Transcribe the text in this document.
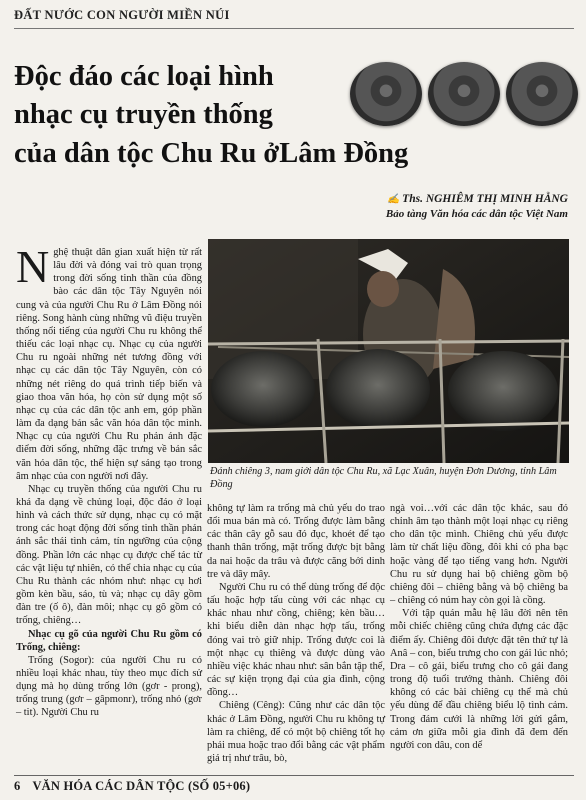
ĐẤT NƯỚC CON NGƯỜI MIỀN NÚI
Độc đáo các loại hình
nhạc cụ truyền thống
của dân tộc Chu Ru ởLâm Đồng
✍ Ths. NGHIÊM THỊ MINH HẰNG
Bảo tàng Văn hóa các dân tộc Việt Nam

Nghệ thuật dân gian xuất hiện từ rất lâu đời và đóng vai trò quan trọng trong đời sống tinh thần của đồng bào các dân tộc Tây Nguyên nói cung và của người Chu Ru ở Lâm Đồng nói riêng. Song hành cùng những vũ điệu truyền thống nổi tiếng của người Chu ru không thể thiếu các loại nhạc cụ. Nhạc cụ của người Chu ru ngoài những nét tương đồng với nhạc cụ các dân tộc Tây Nguyên, còn có những nét riêng do quá trình tiếp biến và giao thoa văn hóa, họ còn sử dụng một số nhạc cụ của các dân tộc anh em, góp phần làm đa dạng bản sắc văn hóa dân tộc mình. Nhạc cụ của người Chu Ru phản ánh đặc điểm đời sống, những đặc trưng về bản sắc văn hóa dân tộc, thể hiện sự sáng tạo trong âm nhạc của con người nơi đây.

Nhạc cụ truyền thống của người Chu ru khá đa dạng về chủng loại, độc đáo ở loại hình và cách thức sử dụng, nhạc cụ có mặt trong các hoạt động đời sống tinh thần phản ánh sắc thái tình cảm, tín ngưỡng của cộng đồng. Phần lớn các nhạc cụ được chế tác từ các vật liệu tự nhiên, có thể chia nhạc cụ của Chu Ru thành các nhóm như: nhạc cụ hơi gồm kèn bầu, sáo, tù và; nhạc cụ dây gồm đàn tre (ố ô), đàn môi; nhạc cụ gõ gồm có trống, chiêng…

Nhạc cụ gõ của người Chu Ru gồm có Trống, chiêng:

Trống (Sogor): của người Chu ru có nhiều loại khác nhau, tùy theo mục đích sử dụng mà họ dùng trống lớn (gơr - prong), trống trung (gơr – gâpmonr), trống nhỏ (gơr – tit). Người Chu ru

Đánh chiêng 3, nam giới dân tộc Chu Ru, xã Lạc Xuân, huyện Đơn Dương, tỉnh Lâm Đồng

không tự làm ra trống mà chủ yếu do trao đổi mua bán mà có. Trống được làm bằng các thân cây gỗ sau đó đục, khoét để tạo thanh thân trống, mặt trống được bịt bằng da nai hoặc da trâu và được căng bởi dinh tre và dây mây.

Người Chu ru có thể dùng trống để độc tấu hoặc hợp tấu cùng với các nhạc cụ khác nhau như cồng, chiêng; kèn bầu… khi biểu diễn dàn nhạc hợp tấu, trống đóng vai trò giữ nhịp. Trống được coi là một nhạc cụ thiêng và được dùng vào nhiều việc khác nhau như: sân bắn tập thể, các sự kiện trọng đại của gia đình, cộng đồng…

Chiêng (Cêng): Cũng như các dân tộc khác ở Lâm Đồng, người Chu ru không tự làm ra chiêng, để có một bộ chiêng tốt họ phải mua hoặc trao đổi bằng các vật phẩm giá trị như trâu, bò,

ngà voi…với các dân tộc khác, sau đó chỉnh âm tạo thành một loại nhạc cụ riêng cho dân tộc mình. Chiêng chủ yếu được làm từ chất liệu đồng, đôi khi có pha bạc hoặc vàng để tạo tiếng vang hơn. Người Chu ru sử dụng hai bộ chiêng gồm bộ chiêng đôi – chiêng bằng và bộ chiêng ba – chiêng có núm hay còn gọi là cồng.

Với tập quán mẫu hệ lâu đời nên tên mỗi chiếc chiêng cũng chứa đựng các đặc điểm ấy. Chiêng đôi được đặt tên thứ tự là Anâ – con, biểu trưng cho con gái lúc nhỏ; Dra – cô gái, biểu trưng cho cô gái đang trong độ tuổi trưởng thành. Chiêng đôi không có các bài chiêng cụ thể mà chủ yếu dùng để đầu chiêng biểu lộ tình cảm. Trong đám cưới là những lời gửi gắm, cảm ơn giữa mỗi gia đình đã đem đến người con dâu, con dể

6 VĂN HÓA CÁC DÂN TỘC (SỐ 05+06)
